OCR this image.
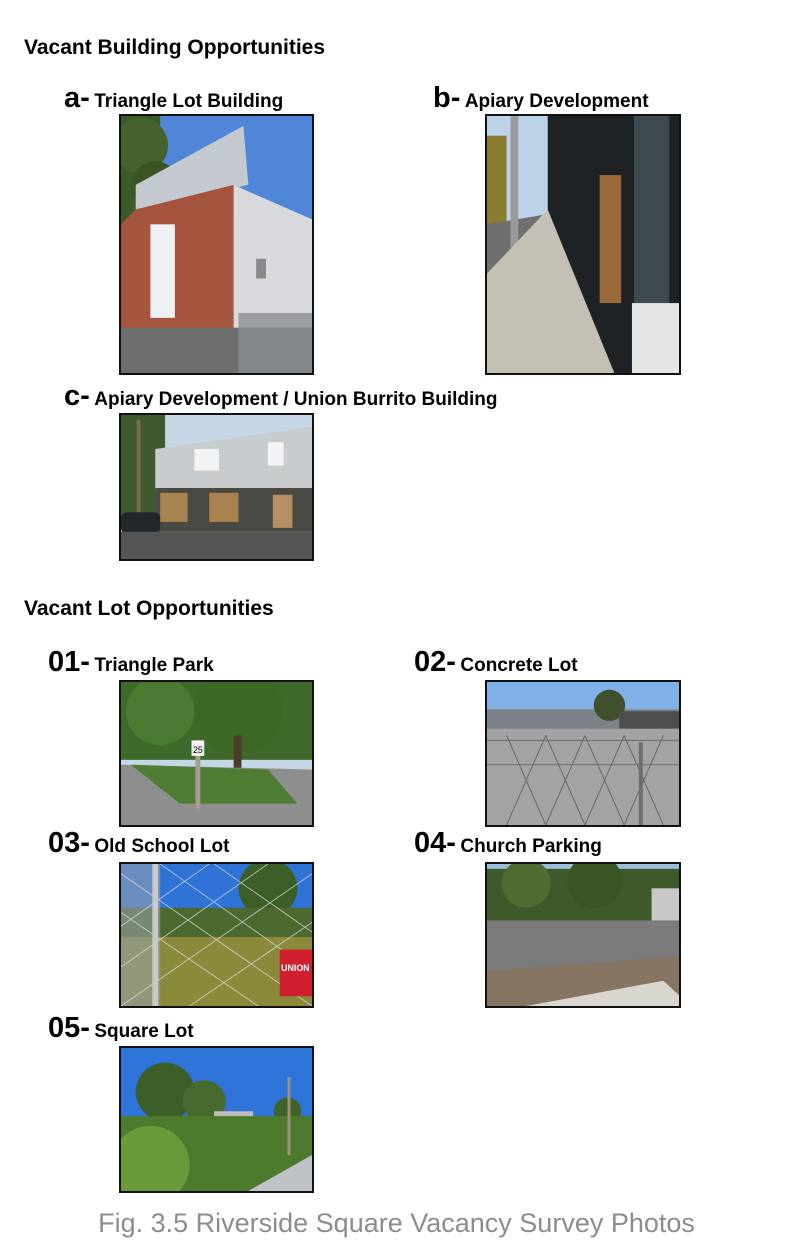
Vacant Building Opportunities
a- Triangle Lot Building	b- Apiary Development
c- Apiary Development / Union Burrito Building
Vacant Lot Opportunities
01- Triangle Park
25
02- Concrete Lot
03- Old School Lot
UNION
04- Church Parking
05- Square Lot
Fig. 3.5 Riverside Square Vacancy Survey Photos
